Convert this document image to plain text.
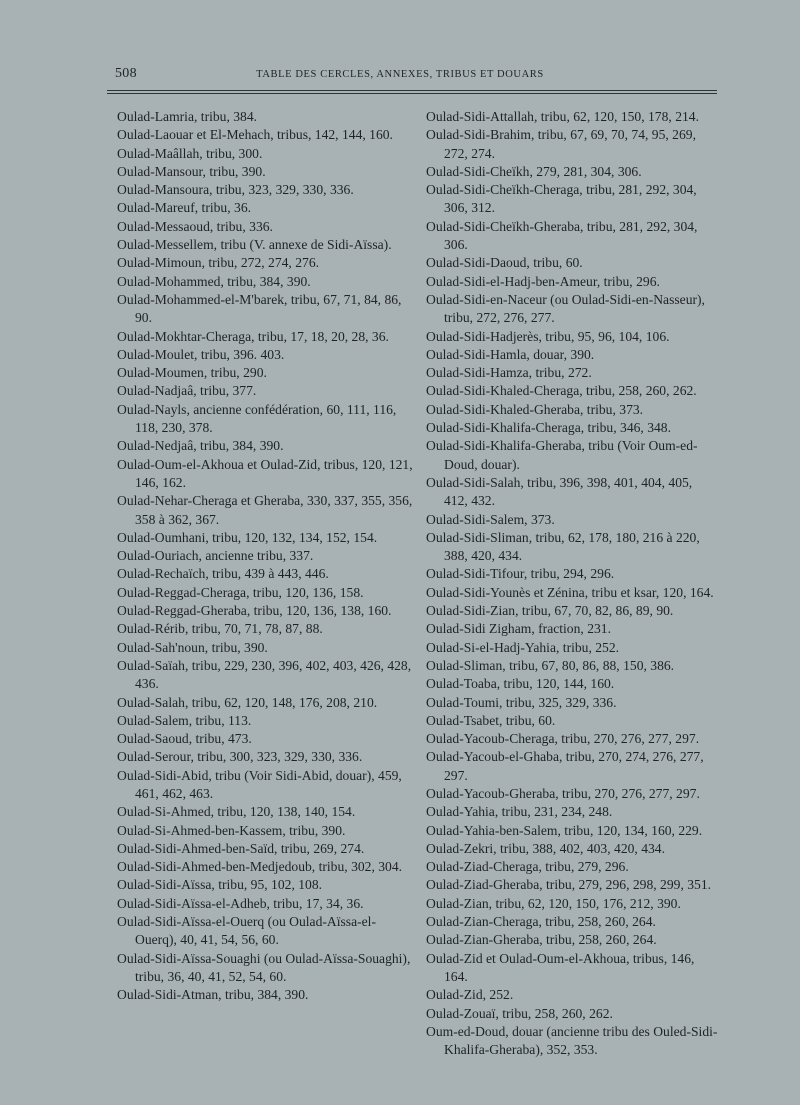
508	TABLE DES CERCLES, ANNEXES, TRIBUS ET DOUARS

Oulad-Lamria, tribu, 384.

Oulad-Laouar et El-Mehach, tribus, 142, 144, 160.

Oulad-Maâllah, tribu, 300.

Oulad-Mansour, tribu, 390.

Oulad-Mansoura, tribu, 323, 329, 330, 336.

Oulad-Mareuf, tribu, 36.

Oulad-Messaoud, tribu, 336.

Oulad-Messellem, tribu (V. annexe de Sidi-Aïssa).

Oulad-Mimoun, tribu, 272, 274, 276.

Oulad-Mohammed, tribu, 384, 390.

Oulad-Mohammed-el-M'barek, tribu, 67, 71, 84, 86, 90.

Oulad-Mokhtar-Cheraga, tribu, 17, 18, 20, 28, 36.

Oulad-Moulet, tribu, 396. 403.

Oulad-Moumen, tribu, 290.

Oulad-Nadjaâ, tribu, 377.

Oulad-Nayls, ancienne confédération, 60, 111, 116, 118, 230, 378.

Oulad-Nedjaâ, tribu, 384, 390.

Oulad-Oum-el-Akhoua et Oulad-Zid, tribus, 120, 121, 146, 162.

Oulad-Nehar-Cheraga et Gheraba, 330, 337, 355, 356, 358 à 362, 367.

Oulad-Oumhani, tribu, 120, 132, 134, 152, 154.

Oulad-Ouriach, ancienne tribu, 337.

Oulad-Rechaïch, tribu, 439 à 443, 446.

Oulad-Reggad-Cheraga, tribu, 120, 136, 158.

Oulad-Reggad-Gheraba, tribu, 120, 136, 138, 160.

Oulad-Rérib, tribu, 70, 71, 78, 87, 88.

Oulad-Sah'noun, tribu, 390.

Oulad-Saïah, tribu, 229, 230, 396, 402, 403, 426, 428, 436.

Oulad-Salah, tribu, 62, 120, 148, 176, 208, 210.

Oulad-Salem, tribu, 113.

Oulad-Saoud, tribu, 473.

Oulad-Serour, tribu, 300, 323, 329, 330, 336.

Oulad-Sidi-Abid, tribu (Voir Sidi-Abid, douar), 459, 461, 462, 463.

Oulad-Si-Ahmed, tribu, 120, 138, 140, 154.

Oulad-Si-Ahmed-ben-Kassem, tribu, 390.

Oulad-Sidi-Ahmed-ben-Saïd, tribu, 269, 274.

Oulad-Sidi-Ahmed-ben-Medjedoub, tribu, 302, 304.

Oulad-Sidi-Aïssa, tribu, 95, 102, 108.

Oulad-Sidi-Aïssa-el-Adheb, tribu, 17, 34, 36.

Oulad-Sidi-Aïssa-el-Ouerq (ou Oulad-Aïssa-el-Ouerq), 40, 41, 54, 56, 60.

Oulad-Sidi-Aïssa-Souaghi (ou Oulad-Aïssa-Souaghi), tribu, 36, 40, 41, 52, 54, 60.

Oulad-Sidi-Atman, tribu, 384, 390.

Oulad-Sidi-Attallah, tribu, 62, 120, 150, 178, 214.

Oulad-Sidi-Brahim, tribu, 67, 69, 70, 74, 95, 269, 272, 274.

Oulad-Sidi-Cheïkh, 279, 281, 304, 306.

Oulad-Sidi-Cheïkh-Cheraga, tribu, 281, 292, 304, 306, 312.

Oulad-Sidi-Cheïkh-Gheraba, tribu, 281, 292, 304, 306.

Oulad-Sidi-Daoud, tribu, 60.

Oulad-Sidi-el-Hadj-ben-Ameur, tribu, 296.

Oulad-Sidi-en-Naceur (ou Oulad-Sidi-en-Nasseur), tribu, 272, 276, 277.

Oulad-Sidi-Hadjerès, tribu, 95, 96, 104, 106.

Oulad-Sidi-Hamla, douar, 390.

Oulad-Sidi-Hamza, tribu, 272.

Oulad-Sidi-Khaled-Cheraga, tribu, 258, 260, 262.

Oulad-Sidi-Khaled-Gheraba, tribu, 373.

Oulad-Sidi-Khalifa-Cheraga, tribu, 346, 348.

Oulad-Sidi-Khalifa-Gheraba, tribu (Voir Oum-ed-Doud, douar).

Oulad-Sidi-Salah, tribu, 396, 398, 401, 404, 405, 412, 432.

Oulad-Sidi-Salem, 373.

Oulad-Sidi-Sliman, tribu, 62, 178, 180, 216 à 220, 388, 420, 434.

Oulad-Sidi-Tifour, tribu, 294, 296.

Oulad-Sidi-Younès et Zénina, tribu et ksar, 120, 164.

Oulad-Sidi-Zian, tribu, 67, 70, 82, 86, 89, 90.

Oulad-Sidi Zigham, fraction, 231.

Oulad-Si-el-Hadj-Yahia, tribu, 252.

Oulad-Sliman, tribu, 67, 80, 86, 88, 150, 386.

Oulad-Toaba, tribu, 120, 144, 160.

Oulad-Toumi, tribu, 325, 329, 336.

Oulad-Tsabet, tribu, 60.

Oulad-Yacoub-Cheraga, tribu, 270, 276, 277, 297.

Oulad-Yacoub-el-Ghaba, tribu, 270, 274, 276, 277, 297.

Oulad-Yacoub-Gheraba, tribu, 270, 276, 277, 297.

Oulad-Yahia, tribu, 231, 234, 248.

Oulad-Yahia-ben-Salem, tribu, 120, 134, 160, 229.

Oulad-Zekri, tribu, 388, 402, 403, 420, 434.

Oulad-Ziad-Cheraga, tribu, 279, 296.

Oulad-Ziad-Gheraba, tribu, 279, 296, 298, 299, 351.

Oulad-Zian, tribu, 62, 120, 150, 176, 212, 390.

Oulad-Zian-Cheraga, tribu, 258, 260, 264.

Oulad-Zian-Gheraba, tribu, 258, 260, 264.

Oulad-Zid et Oulad-Oum-el-Akhoua, tribus, 146, 164.

Oulad-Zid, 252.

Oulad-Zouaï, tribu, 258, 260, 262.

Oum-ed-Doud, douar (ancienne tribu des Ouled-Sidi-Khalifa-Gheraba), 352, 353.
